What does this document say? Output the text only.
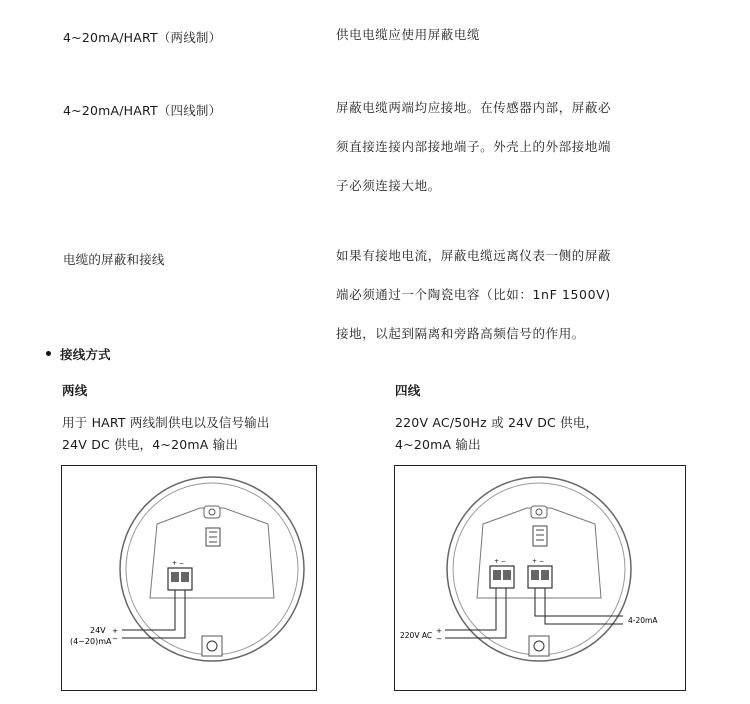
4~20mA/HART（两线制）	供电电缆应使用屏蔽电缆
4~20mA/HART（四线制）	屏蔽电缆两端均应接地。在传感器内部，屏蔽必
须直接连接内部接地端子。外壳上的外部接地端
子必须连接大地。
电缆的屏蔽和接线	如果有接地电流，屏蔽电缆远离仪表一侧的屏蔽
端必须通过一个陶瓷电容（比如：1nF 1500V)
接地，以起到隔离和旁路高频信号的作用。
接线方式
两线
用于 HART 两线制供电以及信号输出
24V DC 供电，4~20mA 输出
四线
220V AC/50Hz 或 24V DC 供电，
4~20mA 输出
+ −
+
−
24V
(4~20)mA
+ −	+ −
+
−
220V AC
4-20mA
